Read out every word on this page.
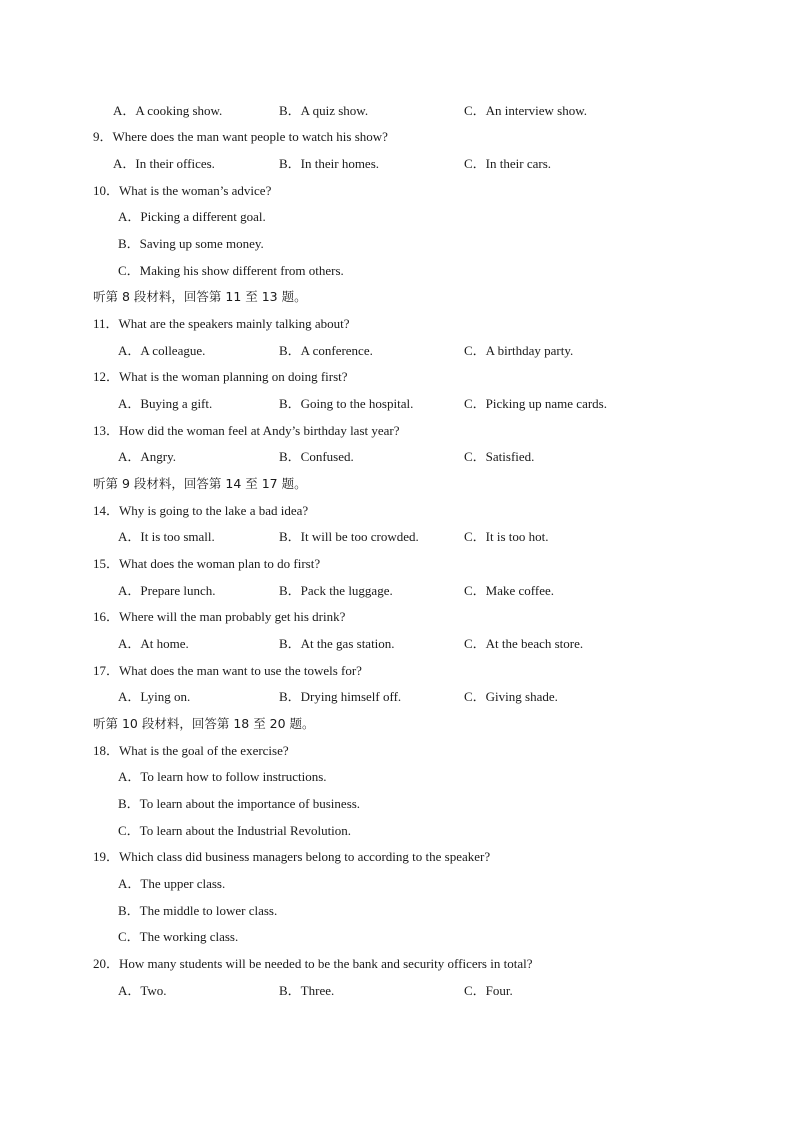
A．A cooking show.	B．A quiz show.	C．An interview show.
9．Where does the man want people to watch his show?
A．In their offices.	B．In their homes.	C．In their cars.
10．What is the woman’s advice?
A．Picking a different goal.
B．Saving up some money.
C．Making his show different from others.
听第 8 段材料，回答第 11 至 13 题。
11．What are the speakers mainly talking about?
A．A colleague.	B．A conference.	C．A birthday party.
12．What is the woman planning on doing first?
A．Buying a gift.	B．Going to the hospital.	C．Picking up name cards.
13．How did the woman feel at Andy’s birthday last year?
A．Angry.	B．Confused.	C．Satisfied.
听第 9 段材料，回答第 14 至 17 题。
14．Why is going to the lake a bad idea?
A．It is too small.	B．It will be too crowded.	C．It is too hot.
15．What does the woman plan to do first?
A．Prepare lunch.	B．Pack the luggage.	C．Make coffee.
16．Where will the man probably get his drink?
A．At home.	B．At the gas station.	C．At the beach store.
17．What does the man want to use the towels for?
A．Lying on.	B．Drying himself off.	C．Giving shade.
听第 10 段材料，回答第 18 至 20 题。
18．What is the goal of the exercise?
A．To learn how to follow instructions.
B．To learn about the importance of business.
C．To learn about the Industrial Revolution.
19．Which class did business managers belong to according to the speaker?
A．The upper class.
B．The middle to lower class.
C．The working class.
20．How many students will be needed to be the bank and security officers in total?
A．Two.	B．Three.	C．Four.
